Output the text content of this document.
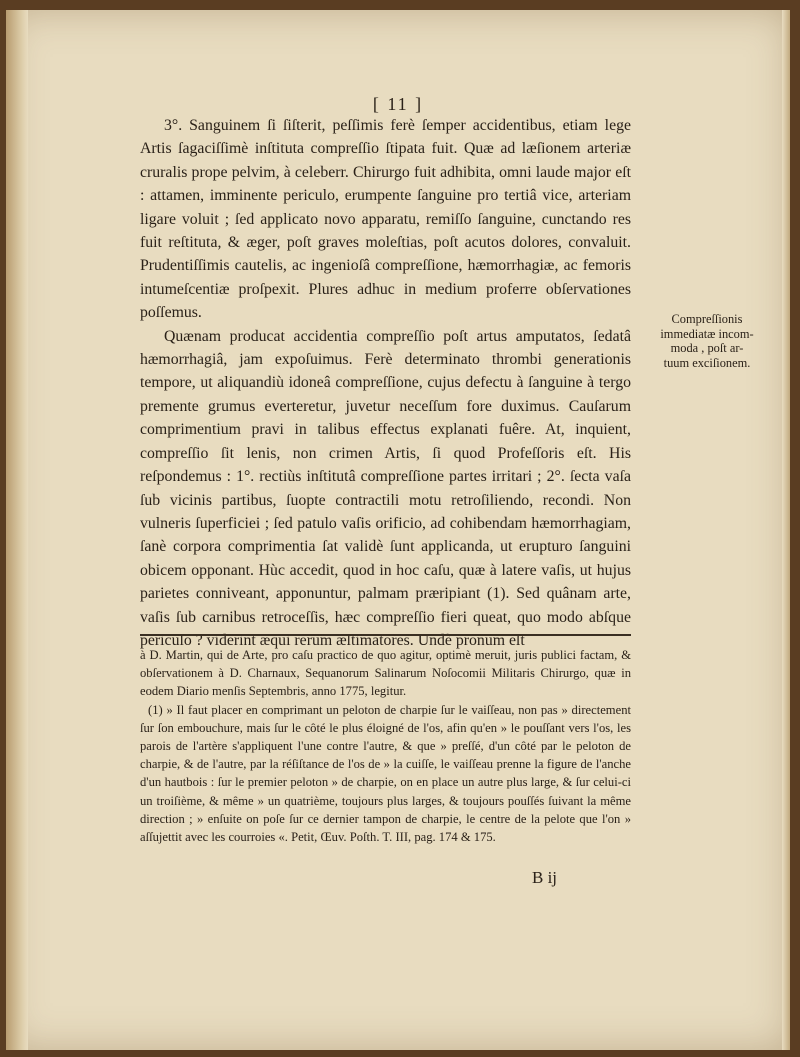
[ 11 ]

3°. Sanguinem ſi ſiſterit, peſſimis ferè ſemper accidentibus, etiam lege Artis ſagaciſſimè inſtituta compreſſio ſtipata fuit. Quæ ad læſionem arteriæ cruralis prope pelvim, à celeberr. Chirurgo fuit adhibita, omni laude major eſt : attamen, imminente periculo, erumpente ſanguine pro tertiâ vice, arteriam ligare voluit ; ſed applicato novo apparatu, remiſſo ſanguine, cunctando res fuit reſtituta, & æger, poſt graves moleſtias, poſt acutos dolores, convaluit. Prudentiſſimis cautelis, ac ingenioſâ compreſſione, hæmorrhagiæ, ac femoris intumeſcentiæ proſpexit. Plures adhuc in medium proferre obſervationes poſſemus.

Quænam producat accidentia compreſſio poſt artus amputatos, ſedatâ hæmorrhagiâ, jam expoſuimus. Ferè determinato thrombi generationis tempore, ut aliquandiù idoneâ compreſſione, cujus defectu à ſanguine à tergo premente grumus everteretur, juvetur neceſſum fore duximus. Cauſarum comprimentium pravi in talibus effectus explanati fuêre. At, inquient, compreſſio ſit lenis, non crimen Artis, ſi quod Profeſſoris eſt. His reſpondemus : 1°. rectiùs inſtitutâ compreſſione partes irritari ; 2°. ſecta vaſa ſub vicinis partibus, ſuopte contractili motu retroſiliendo, recondi. Non vulneris ſuperficiei ; ſed patulo vaſis orificio, ad cohibendam hæmorrhagiam, ſanè corpora comprimentia ſat validè ſunt applicanda, ut erupturo ſanguini obicem opponant. Hùc accedit, quod in hoc caſu, quæ à latere vaſis, ut hujus parietes conniveant, apponuntur, palmam præripiant (1). Sed quânam arte, vaſis ſub carnibus retroceſſis, hæc compreſſio fieri queat, quo modo abſque periculo ? viderint æqui rerum æſtimatores. Undè pronum eſt

Compreſſionis
immediatæ incom-
moda , poſt ar-
tuum exciſionem.

à D. Martin, qui de Arte, pro caſu practico de quo agitur, optimè meruit, juris publici factam, & obſervationem à D. Charnaux, Sequanorum Salinarum Noſocomii Militaris Chirurgo, quæ in eodem Diario menſis Septembris, anno 1775, legitur.

(1) » Il faut placer en comprimant un peloton de charpie ſur le vaiſſeau, non pas » directement ſur ſon embouchure, mais ſur le côté le plus éloigné de l'os, afin qu'en » le pouſſant vers l'os, les parois de l'artère s'appliquent l'une contre l'autre, & que » preſſé, d'un côté par le peloton de charpie, & de l'autre, par la réſiſtance de l'os de » la cuiſſe, le vaiſſeau prenne la figure de l'anche d'un hautbois : ſur le premier peloton » de charpie, on en place un autre plus large, & ſur celui-ci un troiſième, & même » un quatrième, toujours plus larges, & toujours pouſſés ſuivant la même direction ; » enſuite on poſe ſur ce dernier tampon de charpie, le centre de la pelote que l'on » aſſujettit avec les courroies «. Petit, Œuv. Poſth. T. III, pag. 174 & 175.

B ij
